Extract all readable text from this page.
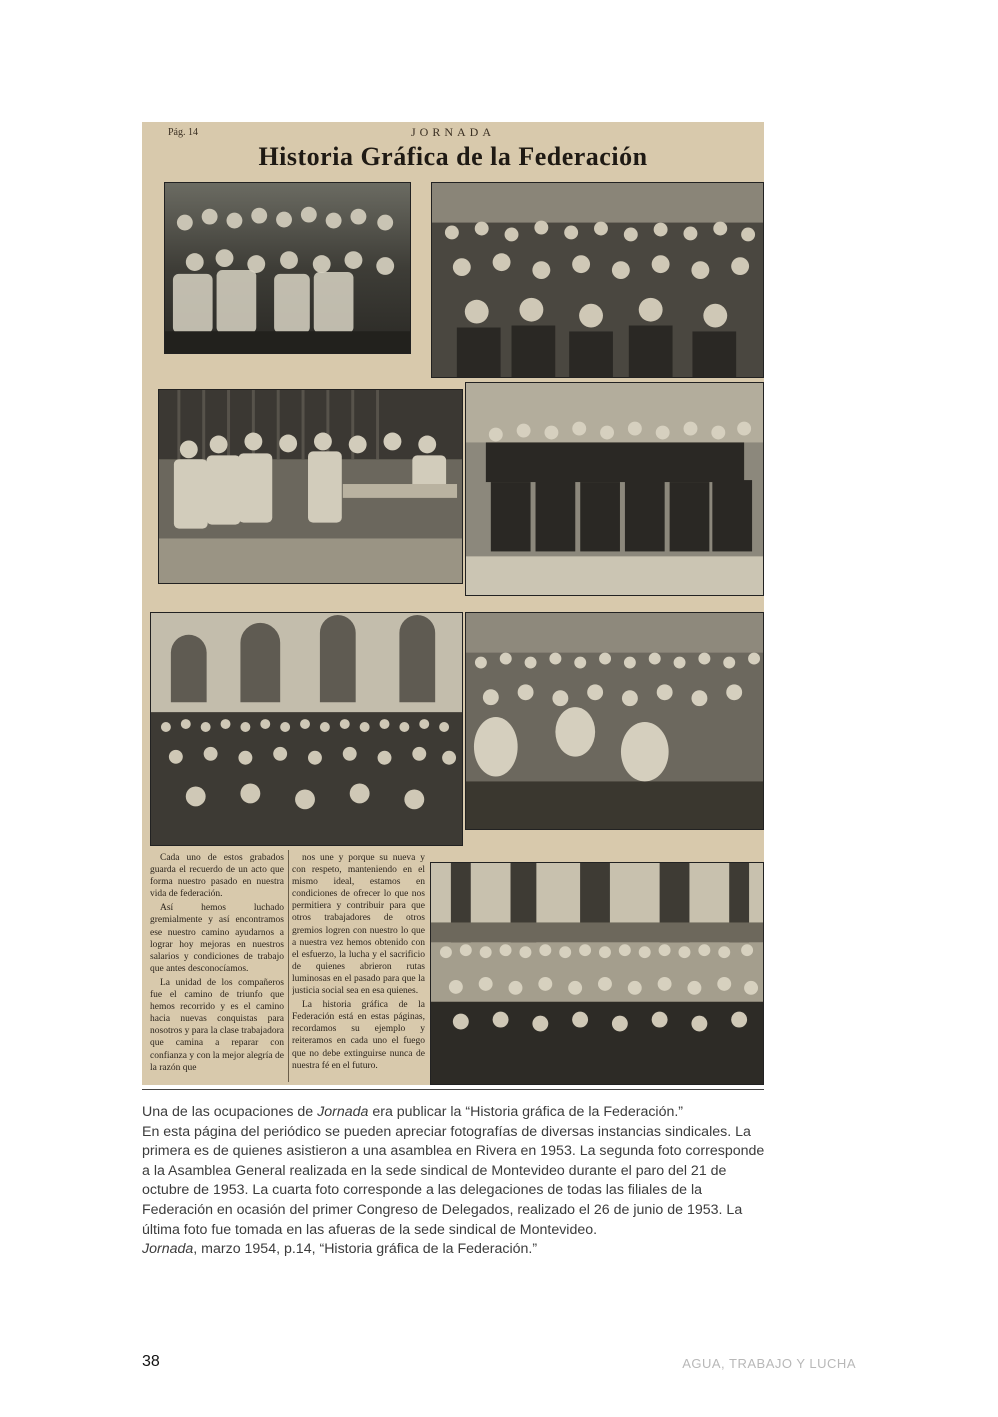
Pág. 14	JORNADA
Historia Gráfica de la Federación

Cada uno de estos grabados guarda el recuerdo de un acto que forma nuestro pasado en nuestra vida de federación.

Así hemos luchado gremialmente y así encontramos ese nuestro camino ayudarnos a lograr hoy mejoras en nuestros salarios y condiciones de trabajo que antes desconocíamos.

La unidad de los compañeros fue el camino de triunfo que hemos recorrido y es el camino hacia nuevas conquistas para nosotros y para la clase trabajadora que camina a reparar con confianza y con la mejor alegría de la razón que

nos une y porque su nueva y con respeto, manteniendo en el mismo ideal, estamos en condiciones de ofrecer lo que nos permitiera y contribuir para que otros trabajadores de otros gremios logren con nuestro lo que a nuestra vez hemos obtenido con el esfuerzo, la lucha y el sacrificio de quienes abrieron rutas luminosas en el pasado para que la justicia social sea en esa quienes.

La historia gráfica de la Federación está en estas páginas, recordamos su ejemplo y reiteramos en cada uno el fuego que no debe extinguirse nunca de nuestra fé en el futuro.

Una de las ocupaciones de Jornada era publicar la “Historia gráfica de la Federación.”
En esta página del periódico se pueden apreciar fotografías de diversas instancias sindicales. La primera es de quienes asistieron a una asamblea en Rivera en 1953. La segunda foto corresponde a la Asamblea General realizada en la sede sindical de Montevideo durante el paro del 21 de octubre de 1953. La cuarta foto corresponde a las delegaciones de todas las filiales de la Federación en ocasión del primer Congreso de Delegados, realizado el 26 de junio de 1953. La última foto fue tomada en las afueras de la sede sindical de Montevideo.
Jornada, marzo 1954, p.14, “Historia gráfica de la Federación.”
38	AGUA, TRABAJO Y LUCHA
